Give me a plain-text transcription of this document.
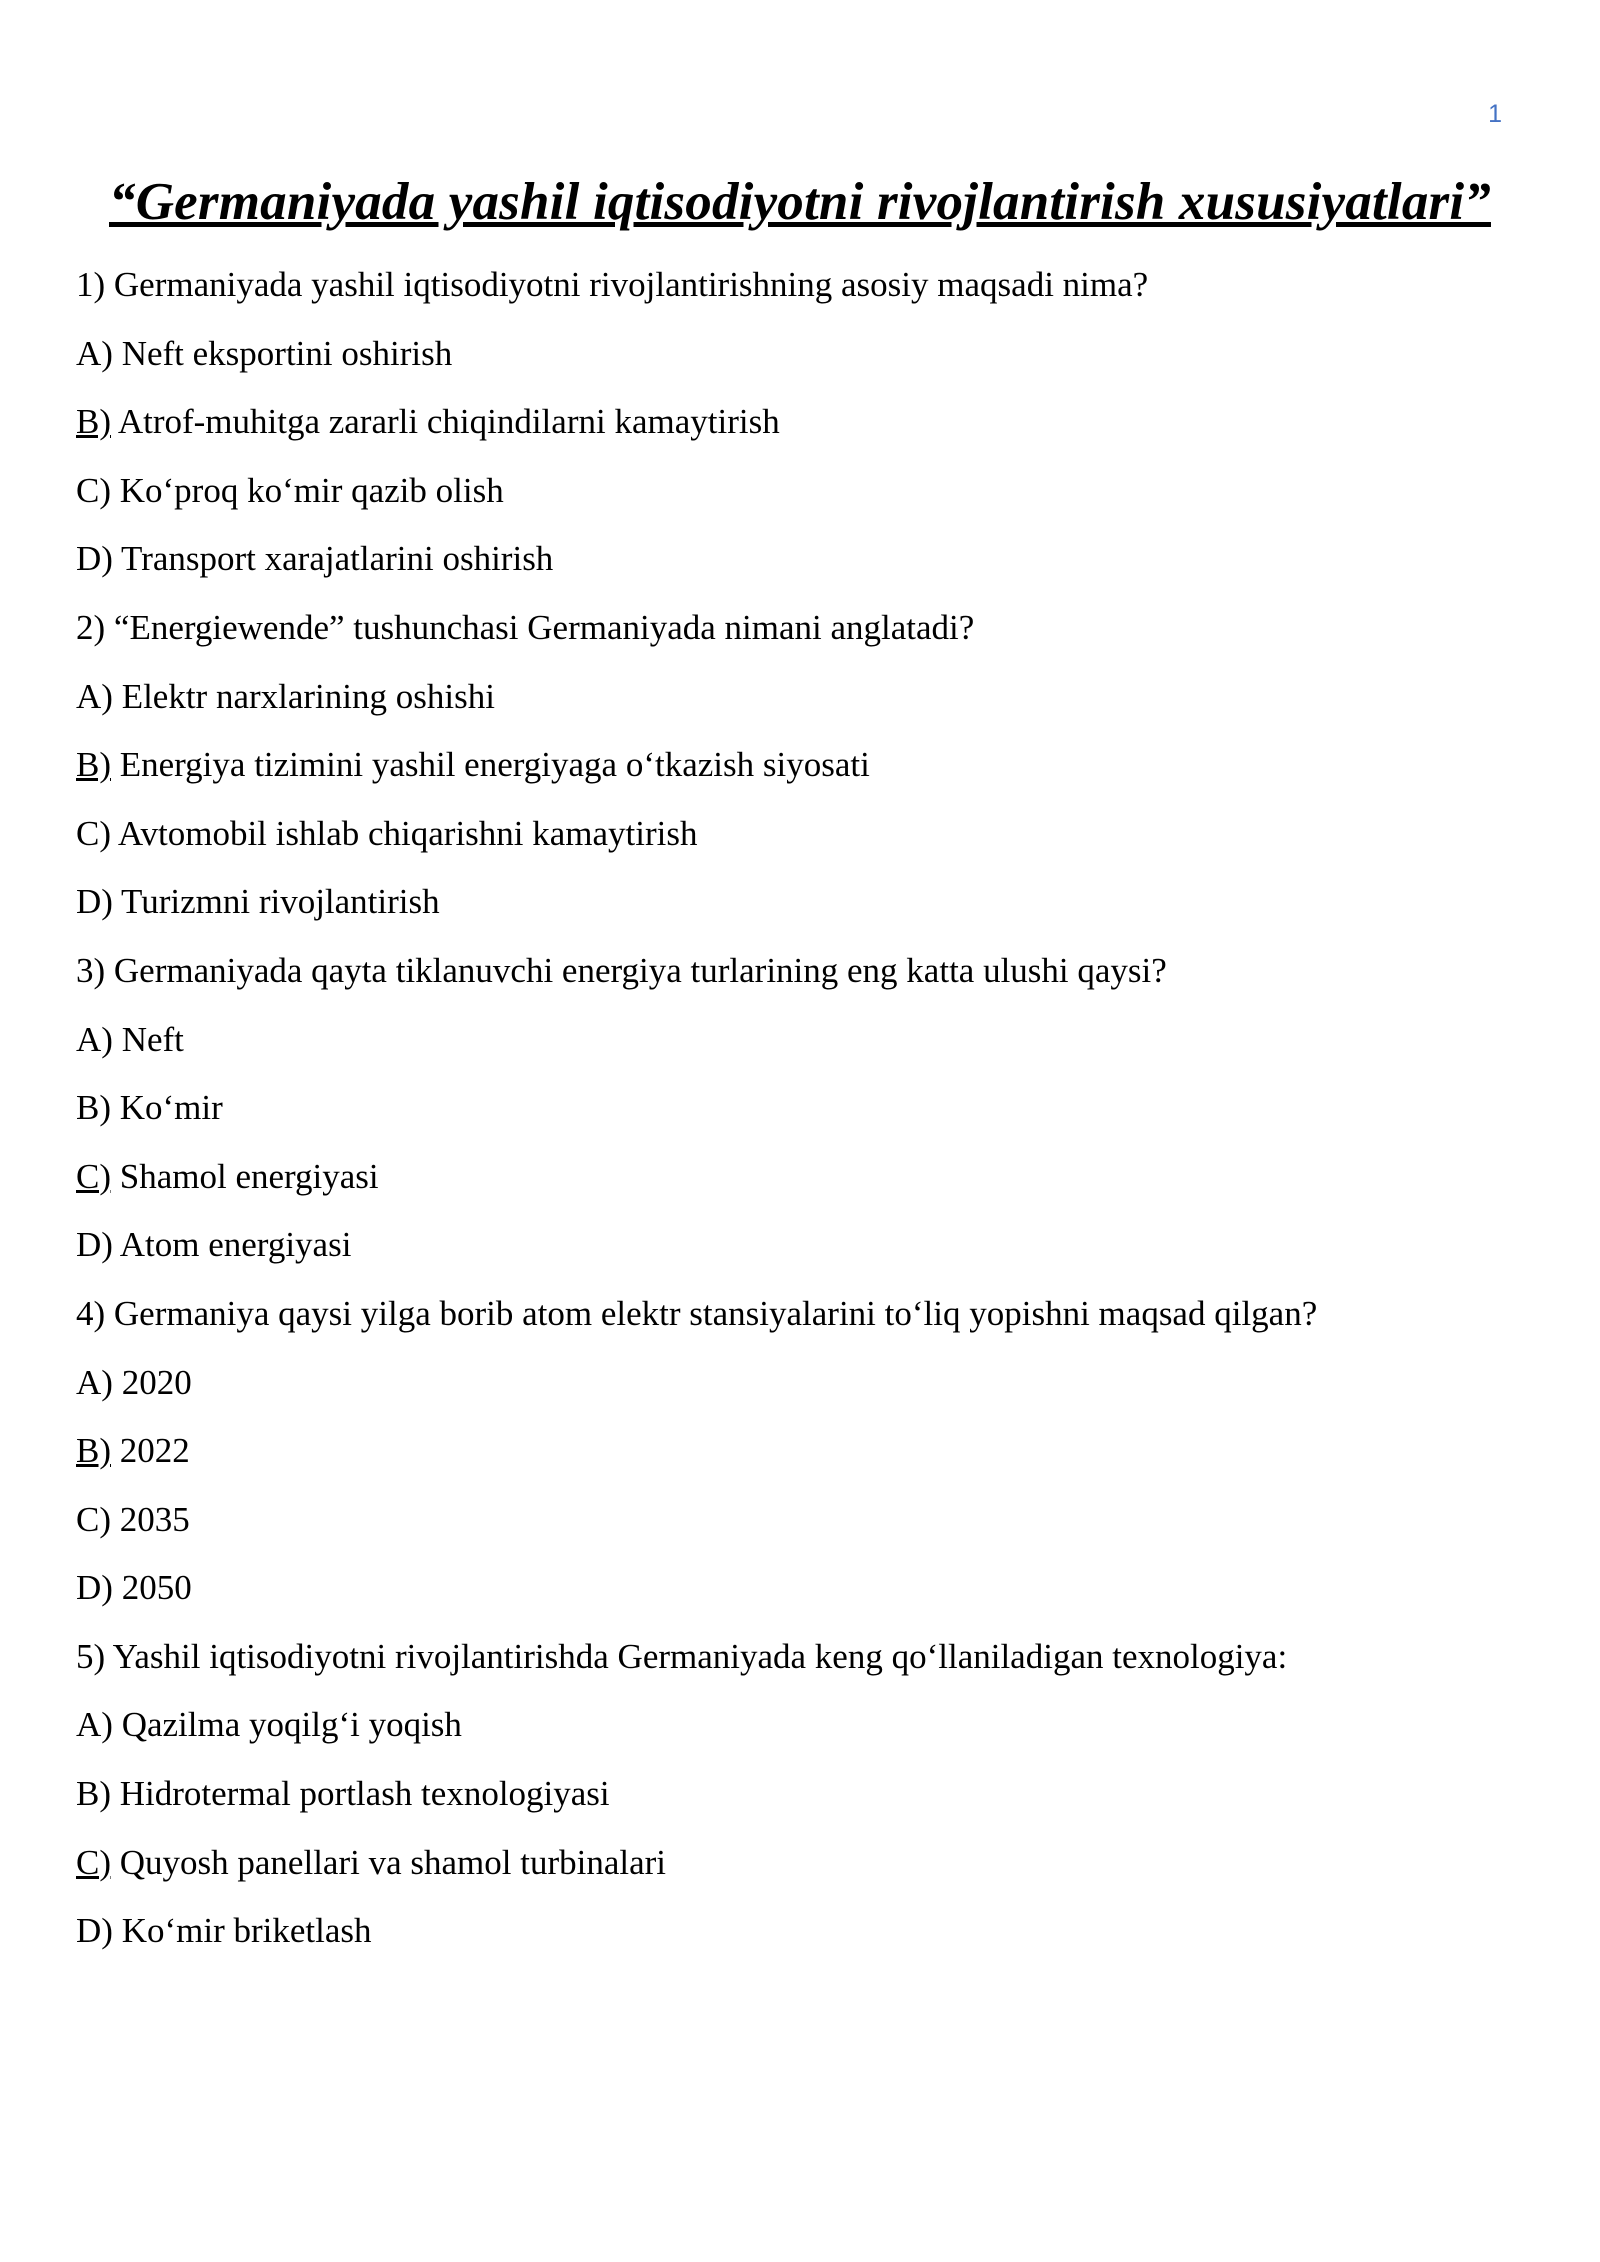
1
“Germaniyada yashil iqtisodiyotni rivojlantirish xususiyatlari”
1) Germaniyada yashil iqtisodiyotni rivojlantirishning asosiy maqsadi nima?
A) Neft eksportini oshirish
B) Atrof-muhitga zararli chiqindilarni kamaytirish
C) Ko‘proq ko‘mir qazib olish
D) Transport xarajatlarini oshirish
2) “Energiewende” tushunchasi Germaniyada nimani anglatadi?
A) Elektr narxlarining oshishi
B) Energiya tizimini yashil energiyaga o‘tkazish siyosati
C) Avtomobil ishlab chiqarishni kamaytirish
D) Turizmni rivojlantirish
3) Germaniyada qayta tiklanuvchi energiya turlarining eng katta ulushi qaysi?
A) Neft
B) Ko‘mir
C) Shamol energiyasi
D) Atom energiyasi
4) Germaniya qaysi yilga borib atom elektr stansiyalarini to‘liq yopishni maqsad qilgan?
A) 2020
B) 2022
C) 2035
D) 2050
5) Yashil iqtisodiyotni rivojlantirishda Germaniyada keng qo‘llaniladigan texnologiya:
A) Qazilma yoqilg‘i yoqish
B) Hidrotermal portlash texnologiyasi
C) Quyosh panellari va shamol turbinalari
D) Ko‘mir briketlash
